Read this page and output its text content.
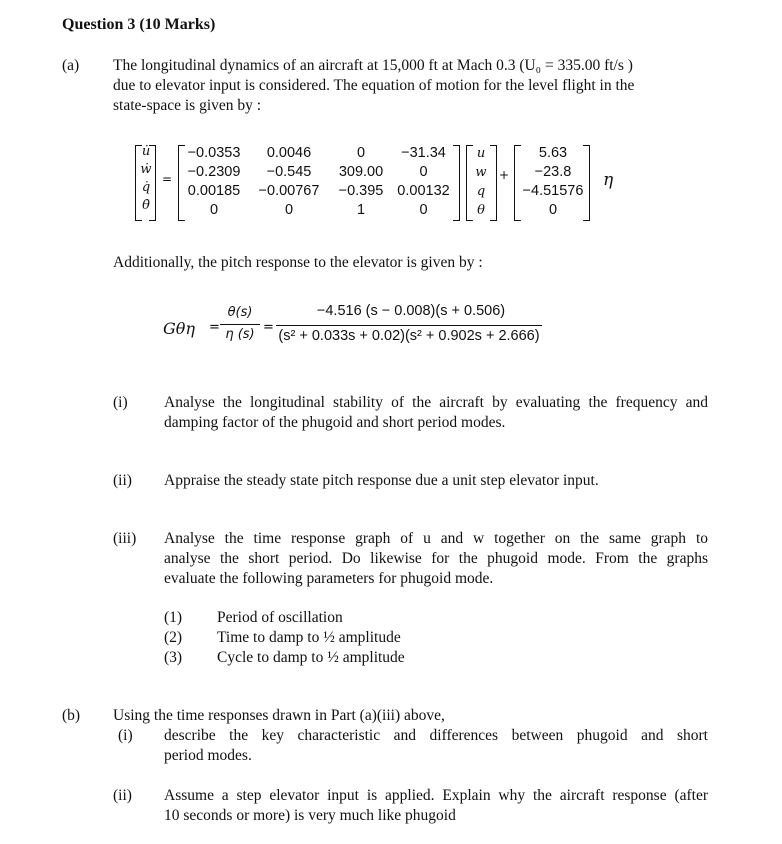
Question 3 (10 Marks)
(a) The longitudinal dynamics of an aircraft at 15,000 ft at Mach 0.3 (U₀ = 335.00 ft/s )
due to elevator input is considered. The equation of motion for the level flight in the
state-space is given by :
u̇
ẇ
q̇
θ̇
=
−0.0353	0.0046	0	−31.34
−0.2309	−0.545	309.00	0
0.00185	−0.00767	−0.395 0.00132
0	0	1	0
u
w
q
θ
+
5.63
−23.8
−4.51576
0
η
Additionally, the pitch response to the elevator is given by :
Gθη =
θ(s)
η (s) =
−4.516 (s − 0.008)(s + 0.506)
(s² + 0.033s + 0.02)(s² + 0.902s + 2.666)
(i) Analyse the longitudinal stability of the aircraft by evaluating the frequency and
damping factor of the phugoid and short period modes.
(ii) Appraise the steady state pitch response due a unit step elevator input.
(iii) Analyse the time response graph of u and w together on the same graph to
analyse the short period. Do likewise for the phugoid mode. From the graphs
evaluate the following parameters for phugoid mode.
(1) Period of oscillation
(2) Time to damp to ½ amplitude
(3) Cycle to damp to ½ amplitude
(b) Using the time responses drawn in Part (a)(iii) above,
(i) describe the key characteristic and differences between phugoid and short
period modes.
(ii) Assume a step elevator input is applied. Explain why the aircraft response (after
10 seconds or more) is very much like phugoid
